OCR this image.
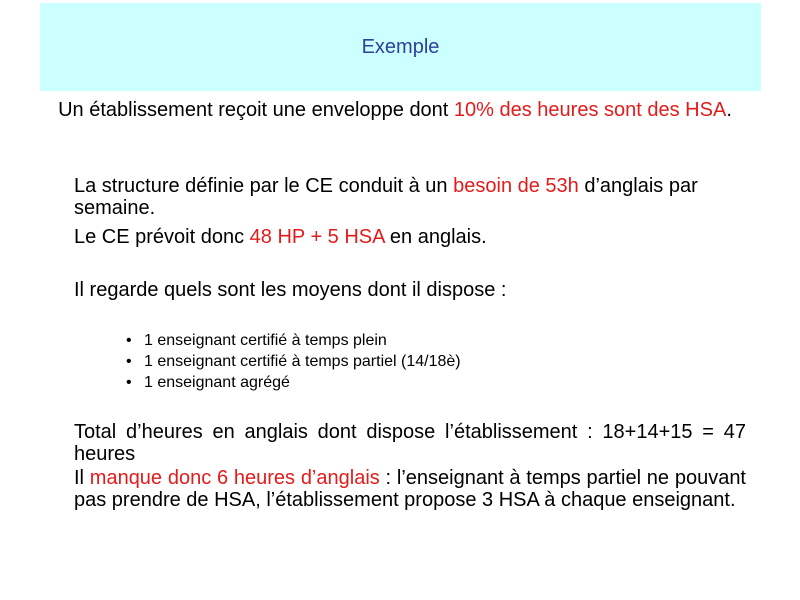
Exemple
Un établissement reçoit une enveloppe dont 10% des heures sont des HSA.
La structure définie par le CE conduit à un besoin de 53h d’anglais par semaine.
Le CE prévoit donc 48 HP + 5 HSA en anglais.
Il regarde quels sont les moyens dont il dispose :
• 1 enseignant certifié à temps plein
• 1 enseignant certifié à temps partiel (14/18è)
• 1 enseignant agrégé
Total d’heures en anglais dont dispose l’établissement : 18+14+15 = 47 heures
Il manque donc 6 heures d’anglais : l’enseignant à temps partiel ne pouvant pas prendre de HSA, l’établissement propose 3 HSA à chaque enseignant.
